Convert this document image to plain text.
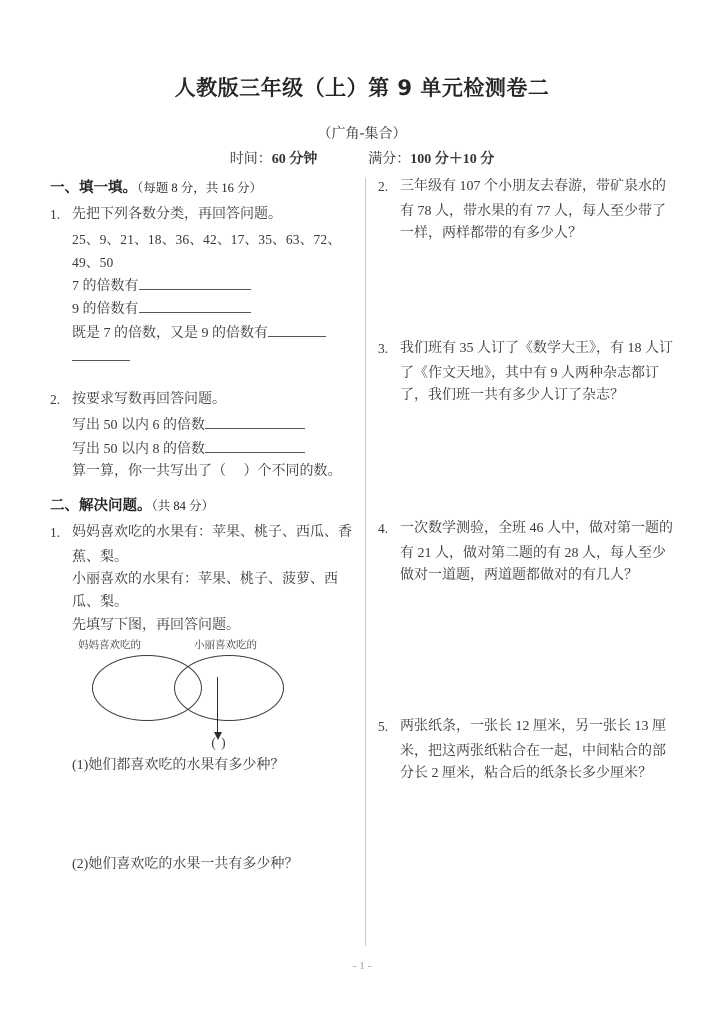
人教版三年级（上）第 9 单元检测卷二
（广角-集合）
时间：60 分钟	满分：100 分＋10 分
一、填一填。（每题 8 分，共 16 分）
1. 先把下列各数分类，再回答问题。
25、9、21、18、36、42、17、35、63、72、49、50
7 的倍数有
9 的倍数有
既是 7 的倍数，又是 9 的倍数有
2. 按要求写数再回答问题。
写出 50 以内 6 的倍数
写出 50 以内 8 的倍数
算一算，你一共写出了（ ）个不同的数。
二、解决问题。（共 84 分）
1. 妈妈喜欢吃的水果有：苹果、桃子、西瓜、香
蕉、梨。
小丽喜欢的水果有：苹果、桃子、菠萝、西
瓜、梨。
先填写下图，再回答问题。
妈妈喜欢吃的	小丽喜欢吃的
( )
(1)她们都喜欢吃的水果有多少种？
(2)她们喜欢吃的水果一共有多少种？
2. 三年级有 107 个小朋友去春游，带矿泉水的
有 78 人，带水果的有 77 人，每人至少带了
一样，两样都带的有多少人？
3. 我们班有 35 人订了《数学大王》，有 18 人订
了《作文天地》，其中有 9 人两种杂志都订
了，我们班一共有多少人订了杂志？
4. 一次数学测验，全班 46 人中，做对第一题的
有 21 人，做对第二题的有 28 人，每人至少
做对一道题，两道题都做对的有几人？
5. 两张纸条，一张长 12 厘米，另一张长 13 厘
米，把这两张纸粘合在一起，中间粘合的部
分长 2 厘米，粘合后的纸条长多少厘米？
- 1 -
